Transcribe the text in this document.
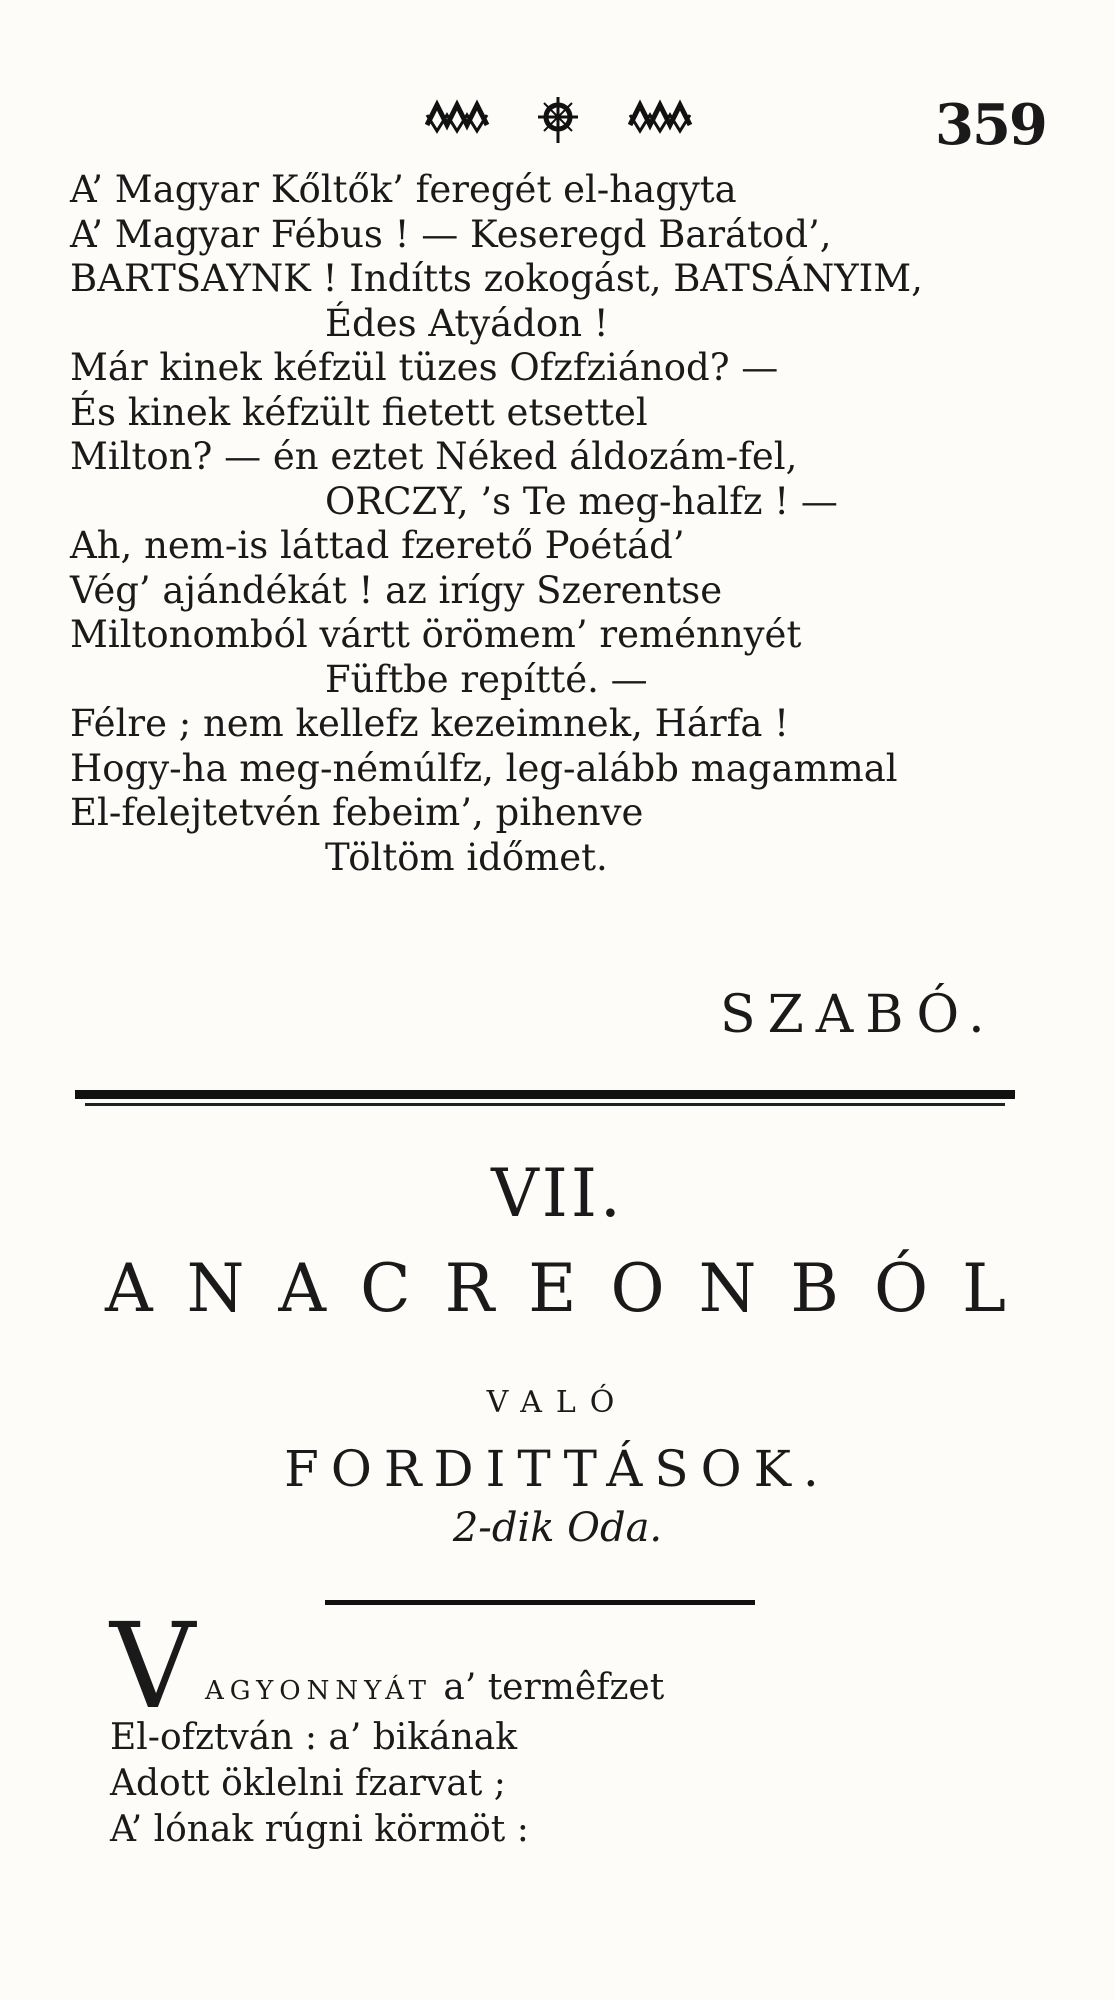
359
A’ Magyar Kőltők’ feregét el-hagyta
A’ Magyar Fébus ! — Keseregd Barátod’,
BARTSAYNK ! Indítts zokogást, BATSÁNYIM,
Édes Atyádon !
Már kinek kéfzül tüzes Ofzfziánod? —
És kinek kéfzült fietett etsettel
Milton? — én eztet Néked áldozám-fel,
ORCZY, ’s Te meg-halfz ! —
Ah, nem-is láttad fzerető Poétád’
Vég’ ajándékát ! az irígy Szerentse
Miltonomból vártt örömem’ reménnyét
Füftbe repítté. —
Félre ; nem kellefz kezeimnek, Hárfa !
Hogy-ha meg-némúlfz, leg-alább magammal
El-felejtetvén febeim’, pihenve
Töltöm időmet.
SZABÓ.
VII.
ANACREONBÓL
VALÓ
FORDITTÁSOK.
2-dik Oda.
V AGYONNYÁT a’ termêfzet
El-ofztván : a’ bikának
Adott öklelni fzarvat ;
A’ lónak rúgni körmöt :
